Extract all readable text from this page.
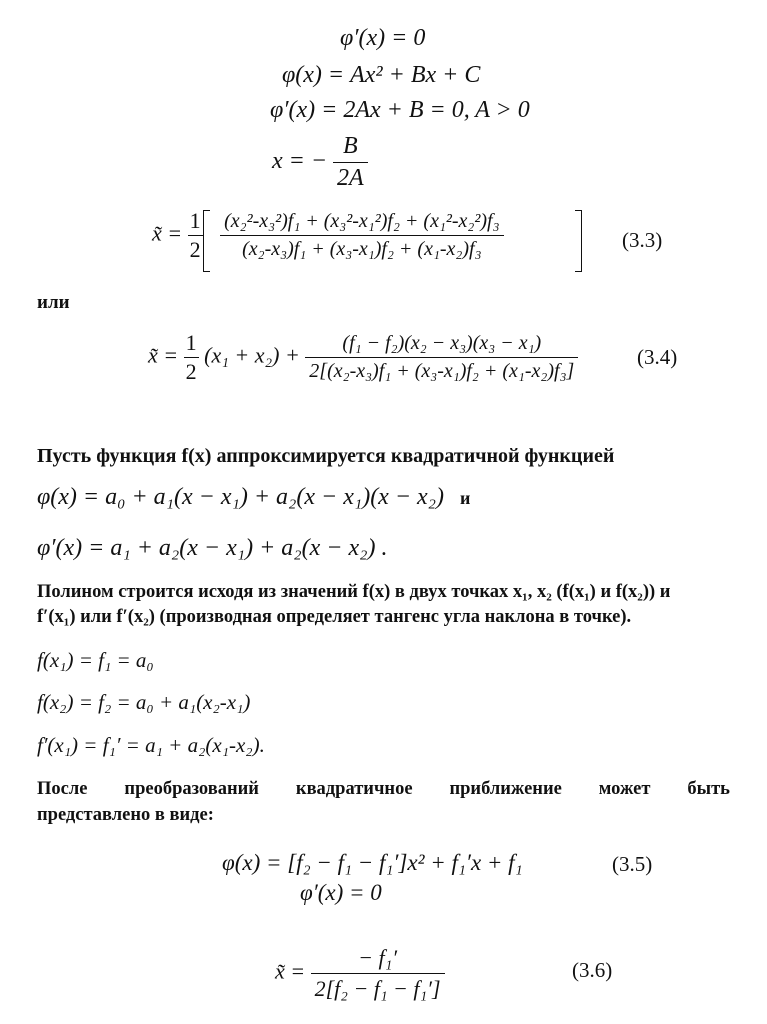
φ′(x) = 0
φ(x) = Ax² + Bx + C
φ′(x) = 2Ax + B = 0, A > 0
x = − $\frac{B}{2A}$
x̃ = $\frac{1}{2}$
$\frac{\text{(x₂²-x₃²)f₁ + (x₃²-x₁²)f₂ + (x₁²-x₂²)f₃}}{\text{(x₂-x₃)f₁ + (x₃-x₁)f₂ + (x₁-x₂)f₃}}$	(3.3)
или
x̃ = $\frac{1}{2} (x_1 + x_2) + \frac{\text{(f₁ − f₂)(x₂ − x₃)(x₃ − x₁)}}{\text{2[(x₂-x₃)f₁ + (x₃-x₁)f₂ + (x₁-x₂)f₃]}}$	(3.4)
Пусть функция f(x) аппроксимируется квадратичной функцией
φ(x) = a₀ + a₁(x − x₁) + a₂(x − x₁)(x − x₂) и
φ′(x) = a₁ + a₂(x − x₁) + a₂(x − x₂) .
Полином строится исходя из значений f(x) в двух точках x₁, x₂ (f(x₁) и f(x₂)) и
f′(x₁) или f′(x₂) (производная определяет тангенс угла наклона в точке).
f(x₁) = f₁ = a₀
f(x₂) = f₂ = a₀ + a₁(x₂-x₁)
f′(x₁) = f₁′ = a₁ + a₂(x₁-x₂).
После преобразований квадратичное приближение может быть
представлено в виде:
φ(x) = [f₂ − f₁ − f₁′]x² + f₁′x + f₁	(3.5)
φ′(x) = 0
x̃ = $\frac{\text{− f₁′}}{\text{2[f₂ − f₁ − f₁′]}}$	(3.6)
